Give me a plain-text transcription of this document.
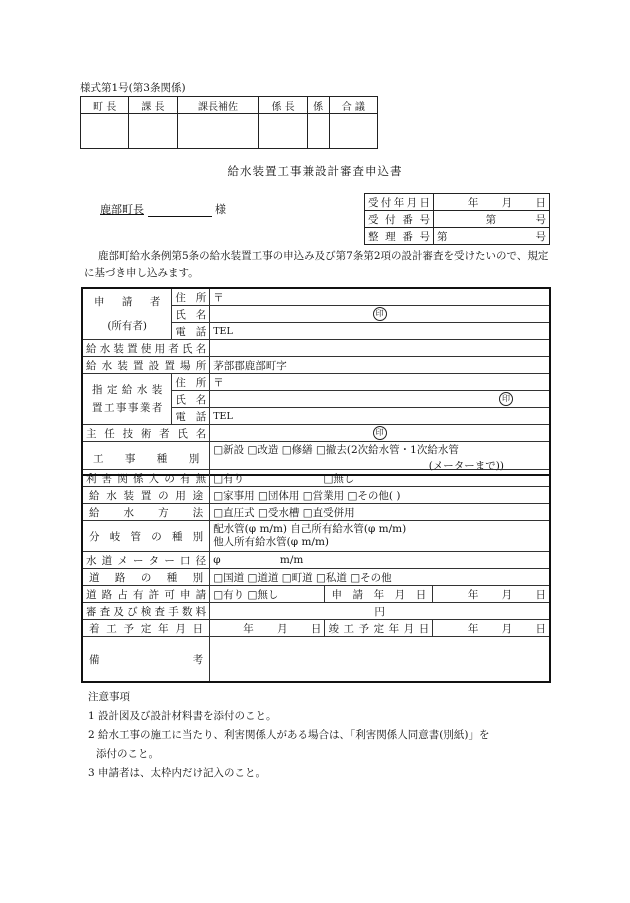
様式第1号(第3条関係)
町 長	課 長	課長補佐	係 長	係	合 議

給水装置工事兼設計審査申込書
鹿部町長	様
受付年月日	年 月 日
受 付 番 号	第 号
整 理 番 号	第 号
鹿部町給水条例第5条の給水装置工事の申込み及び第7条第2項の設計審査を受けたいので、規定に基づき申し込みます。
申請者
(所有者)	住 所	〒
	氏 名	印
	電話	TEL
給水装置使用者氏名		
給水装置設置場所		茅部郡鹿部町字

指定給水装
置工事事業者	住 所	〒
	氏 名	印
	電話	TEL
主任技術者氏名		印
工事種別		□新設 □改造 □修繕 □撤去(2次給水管・1次給水管
(メーターまで))
利害関係人の有無	□有り □無し		
給水装置の用途	□家事用 □団体用 □営業用 □その他( )		
給水方法	□直圧式 □受水槽 □直受併用		
分岐管の種別	配水管(φ m/m) 自己所有給水管(φ m/m)
他人所有給水管(φ m/m)		

水道メーター口径	φ m/m		
道路の種別	□国道 □道道 □町道 □私道 □その他		
道路占有許可申請	□有り □無し	申請年月日	年 月 日
審査及び検査手数料	円		
着工予定年月日	年 月 日	竣工予定年月日	年 月 日
備考			
注意事項
1 設計図及び設計材料書を添付のこと。
2 給水工事の施工に当たり、利害関係人がある場合は、「利害関係人同意書(別紙)」を
添付のこと。
3 申請者は、太枠内だけ記入のこと。
